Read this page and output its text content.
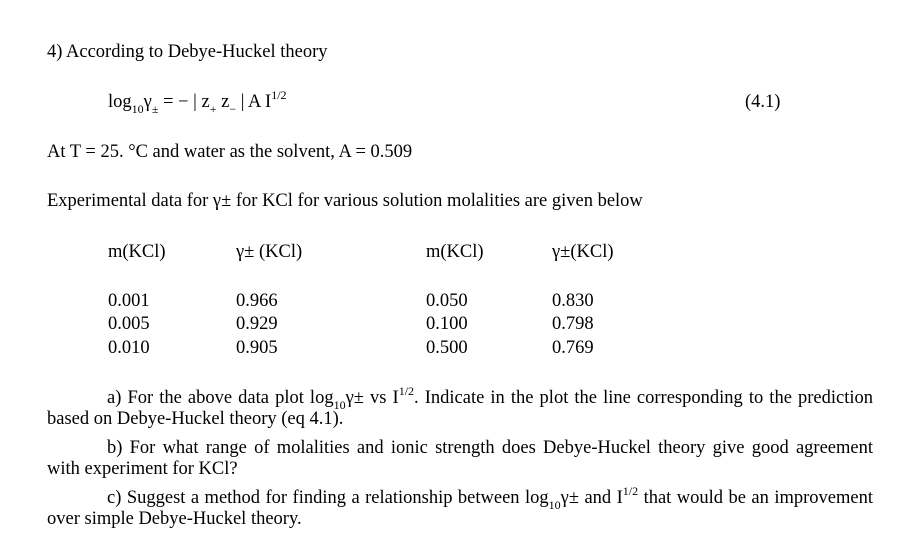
4) According to Debye-Huckel theory
$\log_{10}\gamma_\pm$ = − | $z_+$ $z_-$ | A $I^{1/2}$	(4.1)
At T = 25. °C and water as the solvent, A = 0.509
Experimental data for γ± for KCl for various solution molalities are given below
m(KCl)	γ± (KCl)	m(KCl)	γ±(KCl)
0.001	0.966	0.050	0.830
0.005	0.929	0.100	0.798
0.010	0.905	0.500	0.769
a) For the above data plot $\log_{10}\gamma\pm$ vs $I^{1/2}$. Indicate in the plot the line corresponding to the prediction based on Debye-Huckel theory (eq 4.1).
b) For what range of molalities and ionic strength does Debye-Huckel theory give good agreement with experiment for KCl?
c) Suggest a method for finding a relationship between $\log_{10}\gamma\pm$ and $I^{1/2}$ that would be an improvement over simple Debye-Huckel theory.
